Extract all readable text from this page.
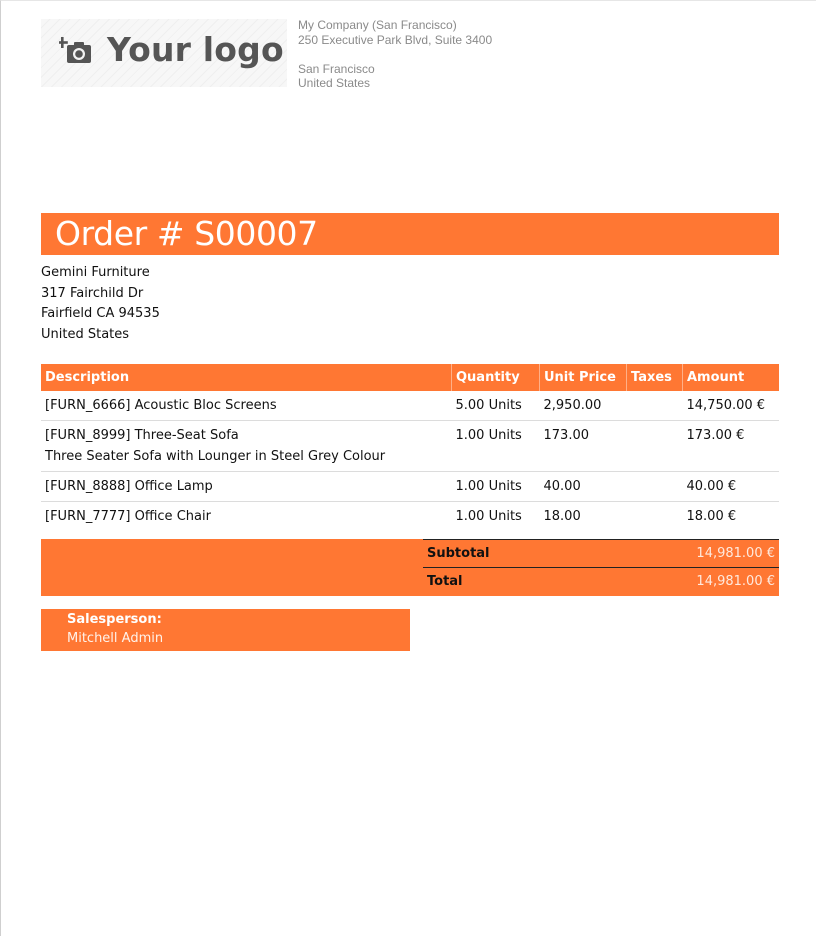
Your logo
My Company (San Francisco)
250 Executive Park Blvd, Suite 3400
San Francisco
United States
Order # S00007
Gemini Furniture
317 Fairchild Dr
Fairfield CA 94535
United States
Description	Quantity	Unit Price	Taxes	Amount

[FURN_6666] Acoustic Bloc Screens	5.00 Units	2,950.00		14,750.00 €

[FURN_8999] Three-Seat Sofa
Three Seater Sofa with Lounger in Steel Grey Colour	1.00 Units	173.00		173.00 €

[FURN_8888] Office Lamp	1.00 Units	40.00		40.00 €

[FURN_7777] Office Chair	1.00 Units	18.00		18.00 €
Subtotal	14,981.00 €
Total	14,981.00 €
Salesperson:
Mitchell Admin
